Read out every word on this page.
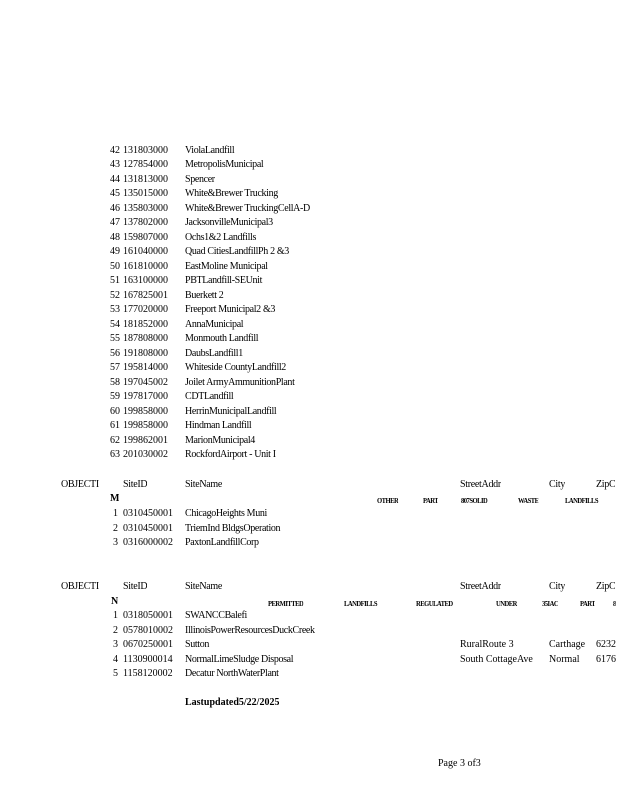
42 131803000	ViolaLandfill
43 127854000	MetropolisMunicipal
44 131813000	Spencer
45 135015000	White&Brewer Trucking
46 135803000	White&Brewer TruckingCellA-D
47 137802000	JacksonvilleMunicipal3
48 159807000	Ochs1&2 Landfills
49 161040000	Quad CitiesLandfillPh 2 &3
50 161810000	EastMoline Municipal
51 163100000	PBTLandfill-SEUnit
52 167825001	Buerkett 2
53 177020000	Freeport Municipal2 &3
54 181852000	AnnaMunicipal
55 187808000	Monmouth Landfill
56 191808000	DaubsLandfill1
57 195814000	Whiteside CountyLandfill2
58 197045002	Joilet ArmyAmmunitionPlant
59 197817000	CDTLandfill
60 199858000	HerrinMunicipalLandfill
61 199858000	Hindman Landfill
62 199862001	MarionMunicipal4
63 201030002	RockfordAirport - Unit I
OBJECTI SiteID	SiteName	StreetAddr	City	ZipC
M	OTHER	PART	807SOLID	WASTE	LANDFILLS
1 0310450001	ChicagoHeights Muni
2 0310450001	TriemInd BldgsOperation
3 0316000002	PaxtonLandfillCorp
OBJECTI SiteID	SiteName	StreetAddr	City	ZipC
N	PERMITTED	LANDFILLS	REGULATED	UNDER	35IAC	PART 8
1 0318050001	SWANCCBalefi
2 0578010002	IllinoisPowerResourcesDuckCreek
3 0670250001	Sutton	RuralRoute 3	Carthage	6232
4 1130900014	NormalLimeSludge Disposal	South CottageAve	Normal	6176
5 1158120002	Decatur NorthWaterPlant
Lastupdated5/22/2025
Page 3 of3
